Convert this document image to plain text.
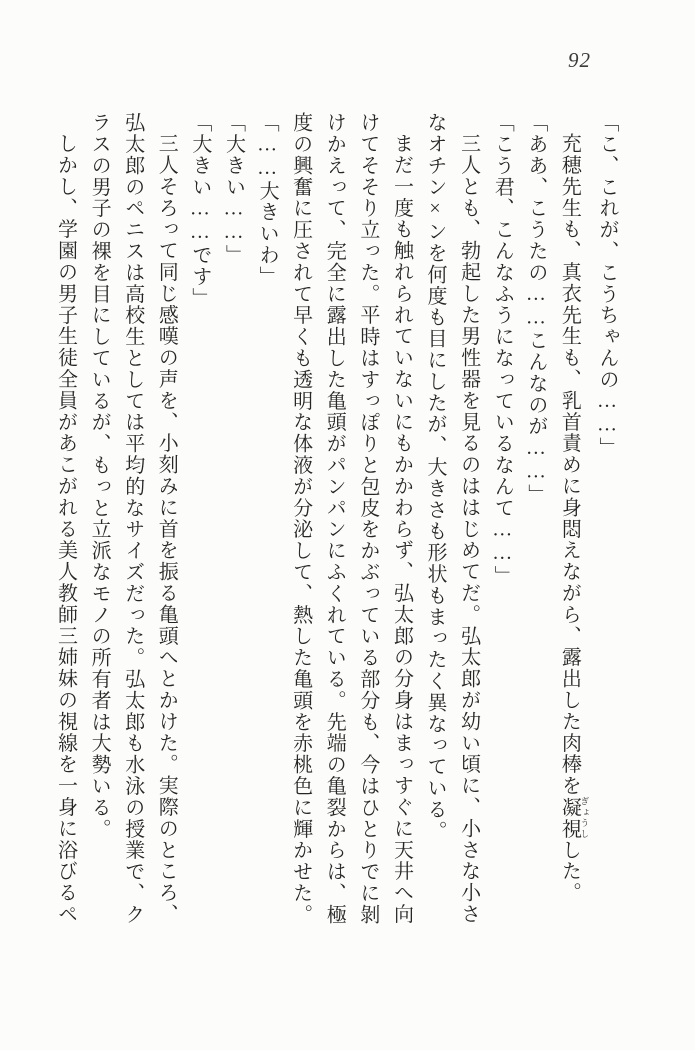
92

「こ、これが、こうちゃんの……」

充穂先生も、真衣先生も、乳首責めに身悶えながら、露出した肉棒を凝視 ぎょうしした。

「ああ、こうたの……こんなのが……」

「こう君、こんなふうになっているなんて……」

三人とも、勃起した男性器を見るのははじめてだ。弘太郎が幼い頃に、小さな小さ

なオチン×ンを何度も目にしたが、大きさも形状もまったく異なっている。

まだ一度も触れられていないにもかかわらず、弘太郎の分身はまっすぐに天井へ向

けてそそり立った。平時はすっぽりと包皮をかぶっている部分も、今はひとりでに剝

けかえって、完全に露出した亀頭がパンパンにふくれている。先端の亀裂からは、極

度の興奮に圧されて早くも透明な体液が分泌して、熱した亀頭を赤桃色に輝かせた。

「……大きいわ」

「大きい……」

「大きい……です」

三人そろって同じ感嘆の声を、小刻みに首を振る亀頭へとかけた。実際のところ、

弘太郎のペニスは高校生としては平均的なサイズだった。弘太郎も水泳の授業で、ク

ラスの男子の裸を目にしているが、もっと立派なモノの所有者は大勢いる。

しかし、学園の男子生徒全員があこがれる美人教師三姉妹の視線を一身に浴びるペ
